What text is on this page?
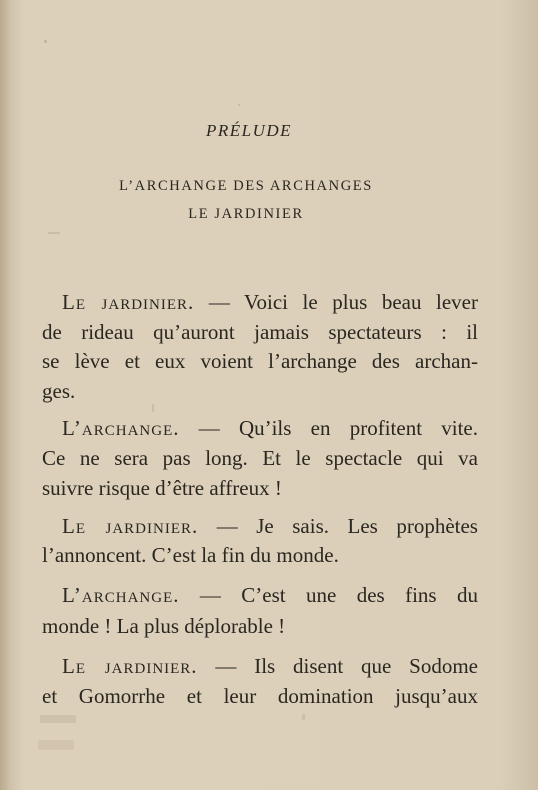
PRÉLUDE
L’ARCHANGE DES ARCHANGES
LE JARDINIER
Le jardinier. — Voici le plus beau lever
de rideau qu’auront jamais spectateurs : il
se lève et eux voient l’archange des archan-
ges.
L’archange. — Qu’ils en profitent vite.
Ce ne sera pas long. Et le spectacle qui va
suivre risque d’être affreux !
Le jardinier. — Je sais. Les prophètes
l’annoncent. C’est la fin du monde.
L’archange. — C’est une des fins du
monde ! La plus déplorable !
Le jardinier. — Ils disent que Sodome
et Gomorrhe et leur domination jusqu’aux
